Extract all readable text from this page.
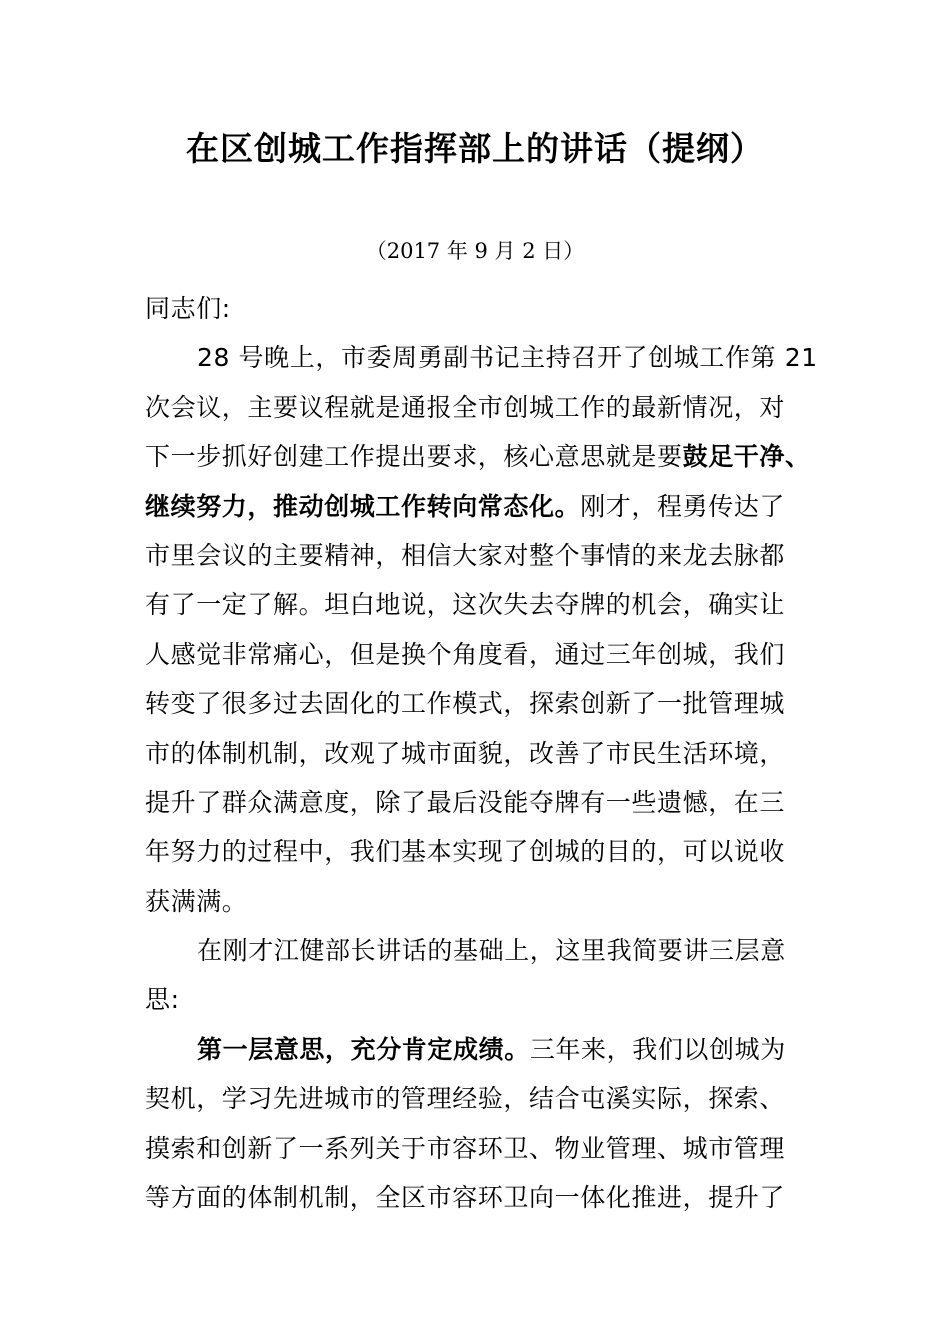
在区创城工作指挥部上的讲话（提纲）
（2017 年 9 月 2 日）
同志们:
28 号晚上，市委周勇副书记主持召开了创城工作第 21
次会议，主要议程就是通报全市创城工作的最新情况，对
下一步抓好创建工作提出要求，核心意思就是要鼓足干净、
继续努力，推动创城工作转向常态化。刚才，程勇传达了
市里会议的主要精神，相信大家对整个事情的来龙去脉都
有了一定了解。坦白地说，这次失去夺牌的机会，确实让
人感觉非常痛心，但是换个角度看，通过三年创城，我们
转变了很多过去固化的工作模式，探索创新了一批管理城
市的体制机制，改观了城市面貌，改善了市民生活环境，
提升了群众满意度，除了最后没能夺牌有一些遗憾，在三
年努力的过程中，我们基本实现了创城的目的，可以说收
获满满。
在刚才江健部长讲话的基础上，这里我简要讲三层意
思:
第一层意思，充分肯定成绩。三年来，我们以创城为
契机，学习先进城市的管理经验，结合屯溪实际，探索、
摸索和创新了一系列关于市容环卫、物业管理、城市管理
等方面的体制机制，全区市容环卫向一体化推进，提升了
